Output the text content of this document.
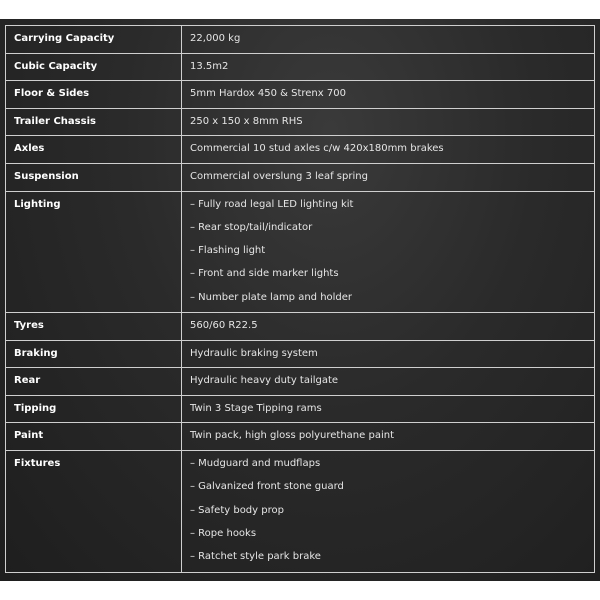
Carrying Capacity	22,000 kg
Cubic Capacity	13.5m2
Floor & Sides	5mm Hardox 450 & Strenx 700
Trailer Chassis	250 x 150 x 8mm RHS
Axles	Commercial 10 stud axles c/w 420x180mm brakes
Suspension	Commercial overslung 3 leaf spring
Lighting	– Fully road legal LED lighting kit
– Rear stop/tail/indicator
– Flashing light
– Front and side marker lights
– Number plate lamp and holder

Tyres	560/60 R22.5
Braking	Hydraulic braking system
Rear	Hydraulic heavy duty tailgate
Tipping	Twin 3 Stage Tipping rams
Paint	Twin pack, high gloss polyurethane paint
Fixtures	– Mudguard and mudflaps
– Galvanized front stone guard
– Safety body prop
– Rope hooks
– Ratchet style park brake
